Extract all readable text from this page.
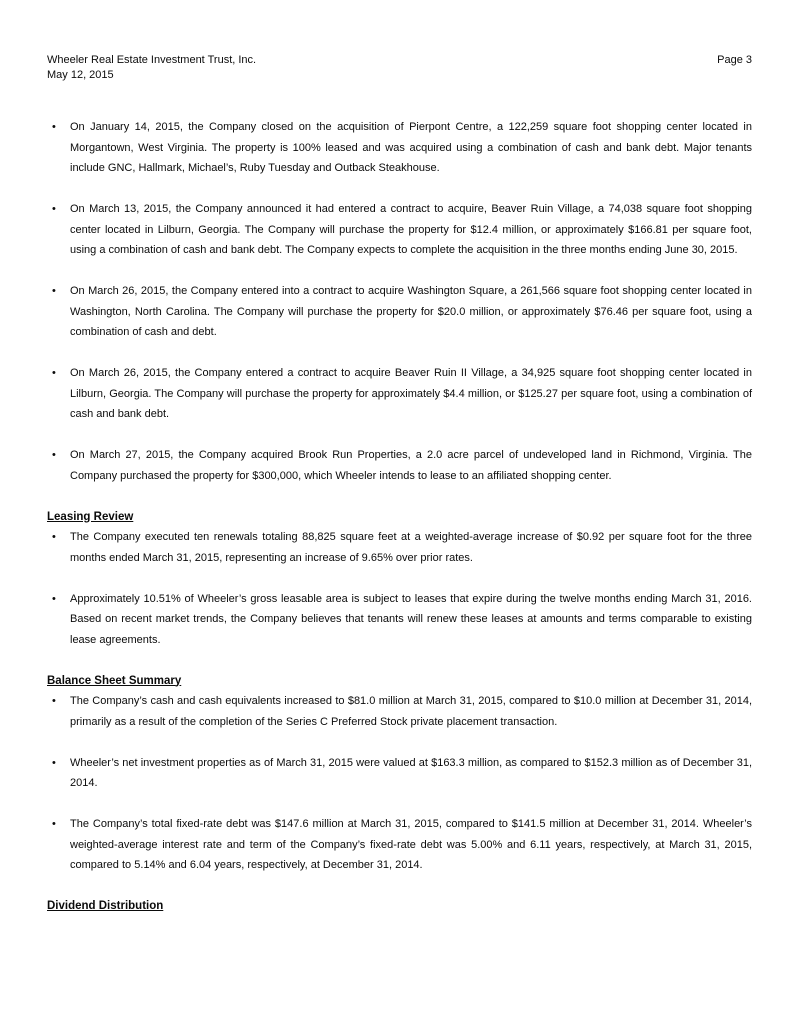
Wheeler Real Estate Investment Trust, Inc.
May 12, 2015
Page 3
• On January 14, 2015, the Company closed on the acquisition of Pierpont Centre, a 122,259 square foot shopping center located in Morgantown, West Virginia. The property is 100% leased and was acquired using a combination of cash and bank debt. Major tenants include GNC, Hallmark, Michael’s, Ruby Tuesday and Outback Steakhouse.

• On March 13, 2015, the Company announced it had entered a contract to acquire, Beaver Ruin Village, a 74,038 square foot shopping center located in Lilburn, Georgia. The Company will purchase the property for $12.4 million, or approximately $166.81 per square foot, using a combination of cash and bank debt. The Company expects to complete the acquisition in the three months ending June 30, 2015.

• On March 26, 2015, the Company entered into a contract to acquire Washington Square, a 261,566 square foot shopping center located in Washington, North Carolina. The Company will purchase the property for $20.0 million, or approximately $76.46 per square foot, using a combination of cash and debt.

• On March 26, 2015, the Company entered a contract to acquire Beaver Ruin II Village, a 34,925 square foot shopping center located in Lilburn, Georgia. The Company will purchase the property for approximately $4.4 million, or $125.27 per square foot, using a combination of cash and bank debt.

• On March 27, 2015, the Company acquired Brook Run Properties, a 2.0 acre parcel of undeveloped land in Richmond, Virginia. The Company purchased the property for $300,000, which Wheeler intends to lease to an affiliated shopping center.

Leasing Review
• The Company executed ten renewals totaling 88,825 square feet at a weighted-average increase of $0.92 per square foot for the three months ended March 31, 2015, representing an increase of 9.65% over prior rates.

• Approximately 10.51% of Wheeler’s gross leasable area is subject to leases that expire during the twelve months ending March 31, 2016. Based on recent market trends, the Company believes that tenants will renew these leases at amounts and terms comparable to existing lease agreements.

Balance Sheet Summary
• The Company’s cash and cash equivalents increased to $81.0 million at March 31, 2015, compared to $10.0 million at December 31, 2014, primarily as a result of the completion of the Series C Preferred Stock private placement transaction.

• Wheeler’s net investment properties as of March 31, 2015 were valued at $163.3 million, as compared to $152.3 million as of December 31, 2014.

• The Company’s total fixed-rate debt was $147.6 million at March 31, 2015, compared to $141.5 million at December 31, 2014. Wheeler’s weighted-average interest rate and term of the Company’s fixed-rate debt was 5.00% and 6.11 years, respectively, at March 31, 2015, compared to 5.14% and 6.04 years, respectively, at December 31, 2014.

Dividend Distribution
